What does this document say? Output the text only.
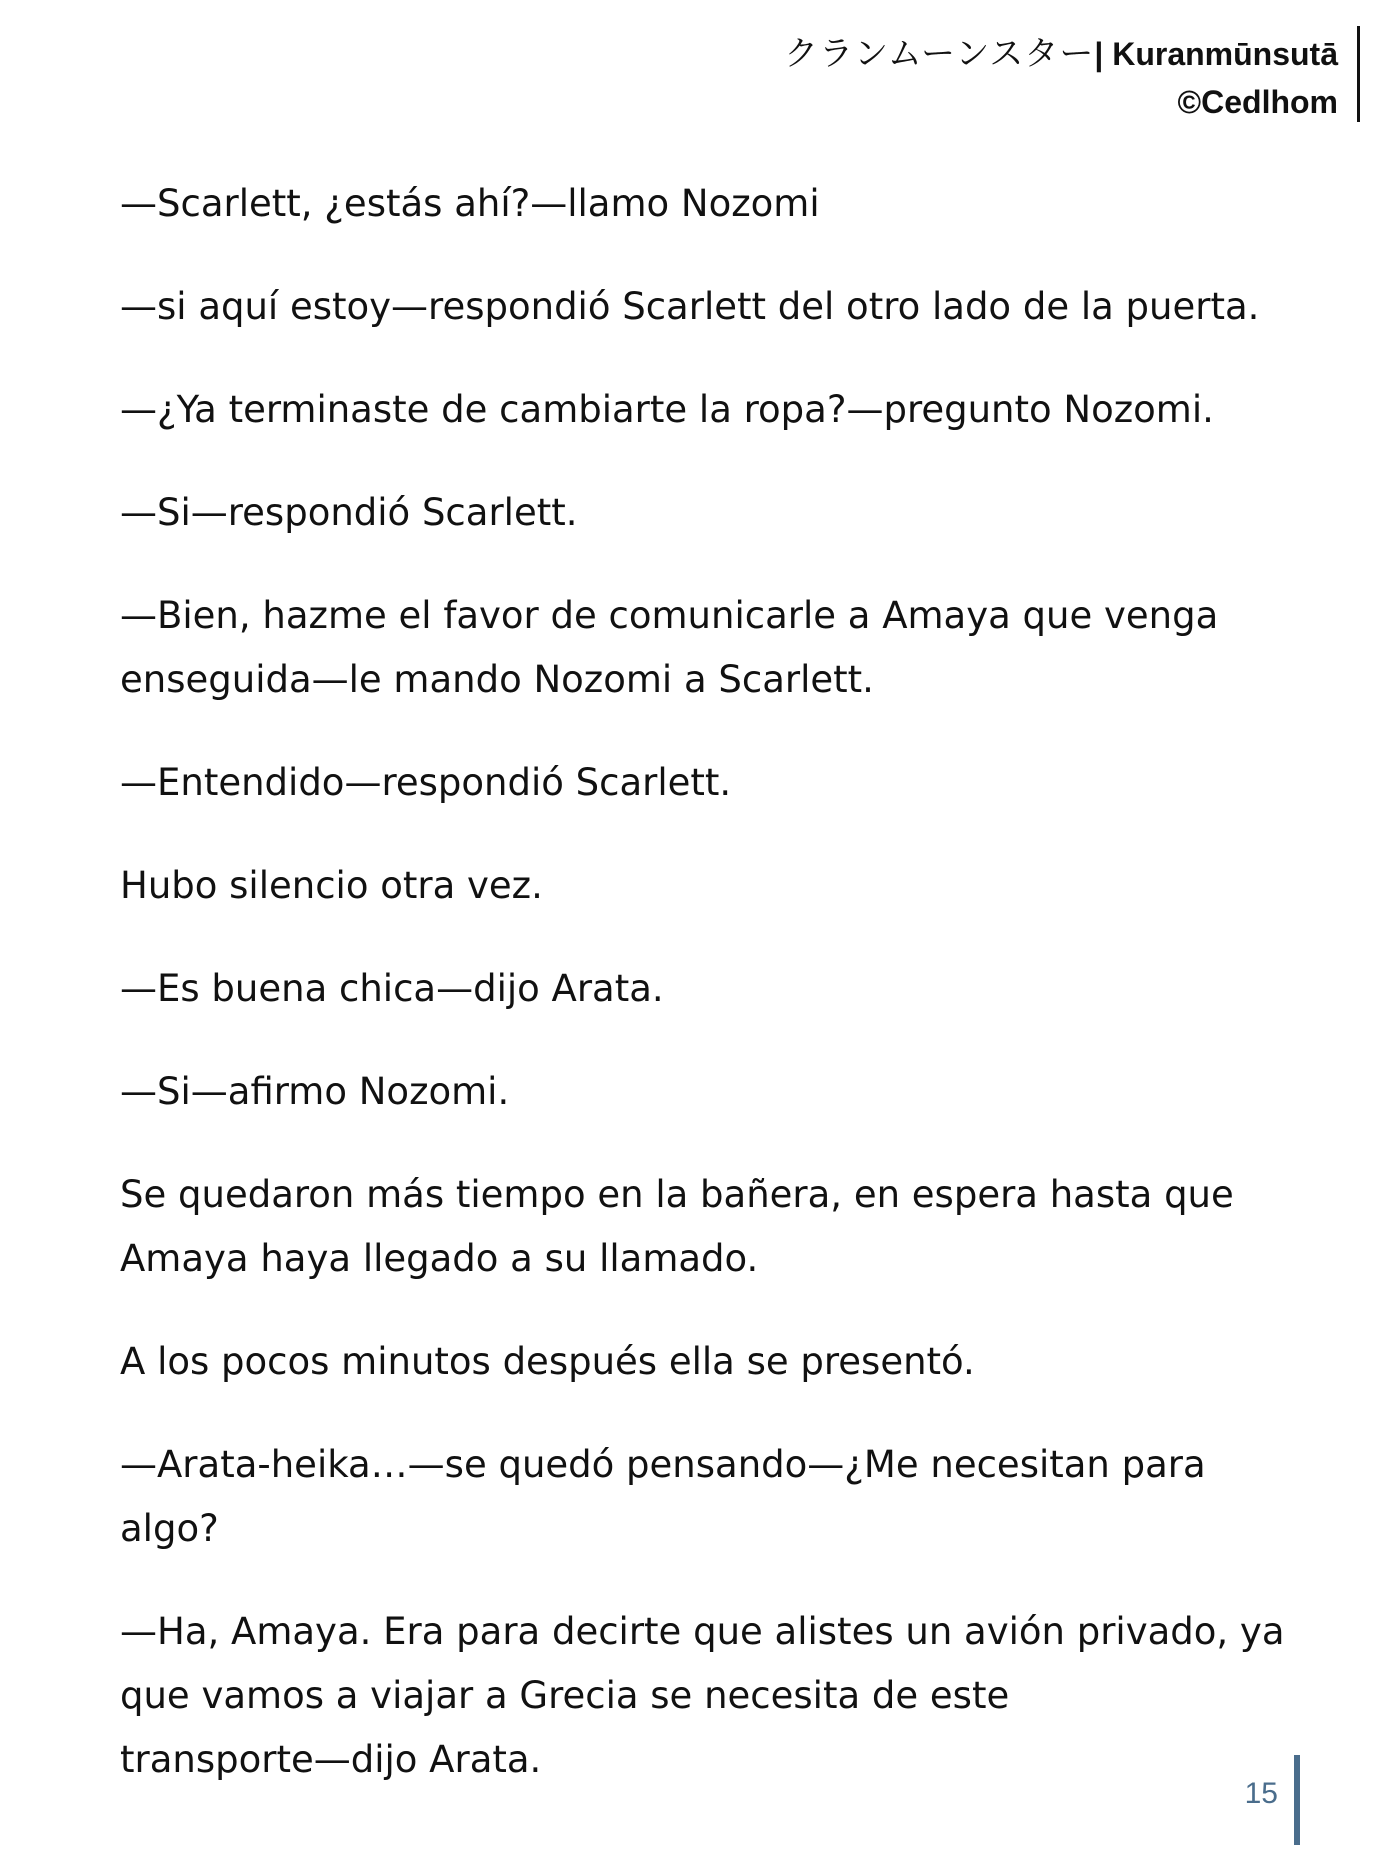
クランムーンスター| Kuranmūnsutā
©Cedlhom

—Scarlett, ¿estás ahí?—llamo Nozomi

—si aquí estoy—respondió Scarlett del otro lado de la puerta.

—¿Ya terminaste de cambiarte la ropa?—pregunto Nozomi.

—Si—respondió Scarlett.

—Bien, hazme el favor de comunicarle a Amaya que venga
enseguida—le mando Nozomi a Scarlett.

—Entendido—respondió Scarlett.

Hubo silencio otra vez.

—Es buena chica—dijo Arata.

—Si—afirmo Nozomi.

Se quedaron más tiempo en la bañera, en espera hasta que
Amaya haya llegado a su llamado.

A los pocos minutos después ella se presentó.

—Arata-heika…—se quedó pensando—¿Me necesitan para algo?

—Ha, Amaya. Era para decirte que alistes un avión privado, ya
que vamos a viajar a Grecia se necesita de este
transporte—dijo Arata.

15
